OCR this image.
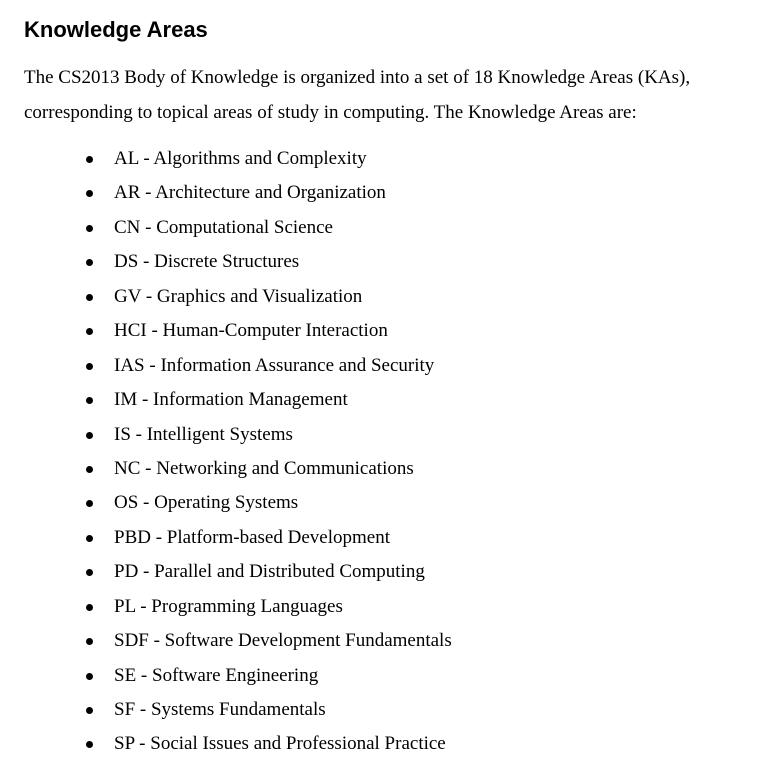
Knowledge Areas

The CS2013 Body of Knowledge is organized into a set of 18 Knowledge Areas (KAs), corresponding to topical areas of study in computing. The Knowledge Areas are:

AL - Algorithms and Complexity
AR - Architecture and Organization
CN - Computational Science
DS - Discrete Structures
GV - Graphics and Visualization
HCI - Human-Computer Interaction
IAS - Information Assurance and Security
IM - Information Management
IS - Intelligent Systems
NC - Networking and Communications
OS - Operating Systems
PBD - Platform-based Development
PD - Parallel and Distributed Computing
PL - Programming Languages
SDF - Software Development Fundamentals
SE - Software Engineering
SF - Systems Fundamentals
SP - Social Issues and Professional Practice
